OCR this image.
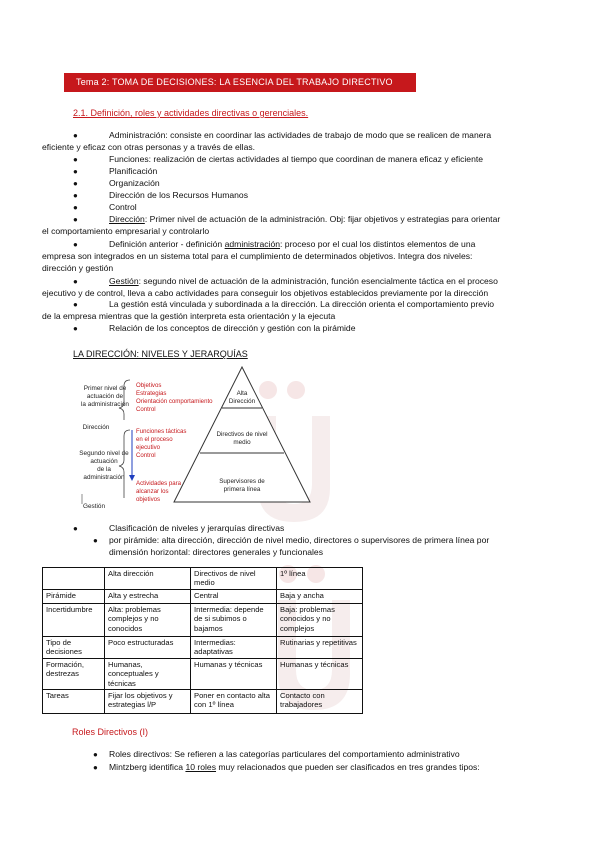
Tema 2: TOMA DE DECISIONES: LA ESENCIA DEL TRABAJO DIRECTIVO
2.1. Definición, roles y actividades directivas o gerenciales.
●	Administración: consiste en coordinar las actividades de trabajo de modo que se realicen de manera
eficiente y eficaz con otras personas y a través de ellas.
●	Funciones: realización de ciertas actividades al tiempo que coordinan de manera eficaz y eficiente
●	Planificación
●	Organización
●	Dirección de los Recursos Humanos
●	Control
●	Dirección: Primer nivel de actuación de la administración. Obj: fijar objetivos y estrategias para orientar
el comportamiento empresarial y controlarlo
●	Definición anterior - definición administración: proceso por el cual los distintos elementos de una
empresa son integrados en un sistema total para el cumplimiento de determinados objetivos. Integra dos niveles:
dirección y gestión
●	Gestión: segundo nivel de actuación de la administración, función esencialmente táctica en el proceso
ejecutivo y de control, lleva a cabo actividades para conseguir los objetivos establecidos previamente por la dirección
●	La gestión está vinculada y subordinada a la dirección. La dirección orienta el comportamiento previo
de la empresa mientras que la gestión interpreta esta orientación y la ejecuta
●	Relación de los conceptos de dirección y gestión con la pirámide
LA DIRECCIÓN: NIVELES Y JERARQUÍAS
Primer nivel de
actuación de
la administración
Dirección
Segundo nivel de
actuación
de la
administración
Gestión
Objetivos
Estrategias
Orientación comportamiento
Control
Funciones tácticas
en el proceso
ejecutivo
Control
Actividades para
alcanzar los
objetivos
Alta
Dirección
Directivos de nivel
medio
Supervisores de
primera línea
●	Clasificación de niveles y jerarquías directivas
● por pirámide: alta dirección, dirección de nivel medio, directores o supervisores de primera línea por
dimensión horizontal: directores generales y funcionales
	Alta dirección	Directivos de nivel medio	1º línea
Pirámide	Alta y estrecha	Central	Baja y ancha
Incertidumbre	Alta: problemas complejos y no conocidos	Intermedia: depende de si subimos o bajamos	Baja: problemas conocidos y no complejos
Tipo de decisiones	Poco estructuradas	Intermedias: adaptativas	Rutinarias y repetitivas
Formación, destrezas	Humanas, conceptuales y técnicas	Humanas y técnicas	Humanas y técnicas
Tareas	Fijar los objetivos y estrategias l/P	Poner en contacto alta con 1º línea	Contacto con trabajadores
Roles Directivos (I)
● Roles directivos: Se refieren a las categorías particulares del comportamiento administrativo
● Mintzberg identifica 10 roles muy relacionados que pueden ser clasificados en tres grandes tipos:
